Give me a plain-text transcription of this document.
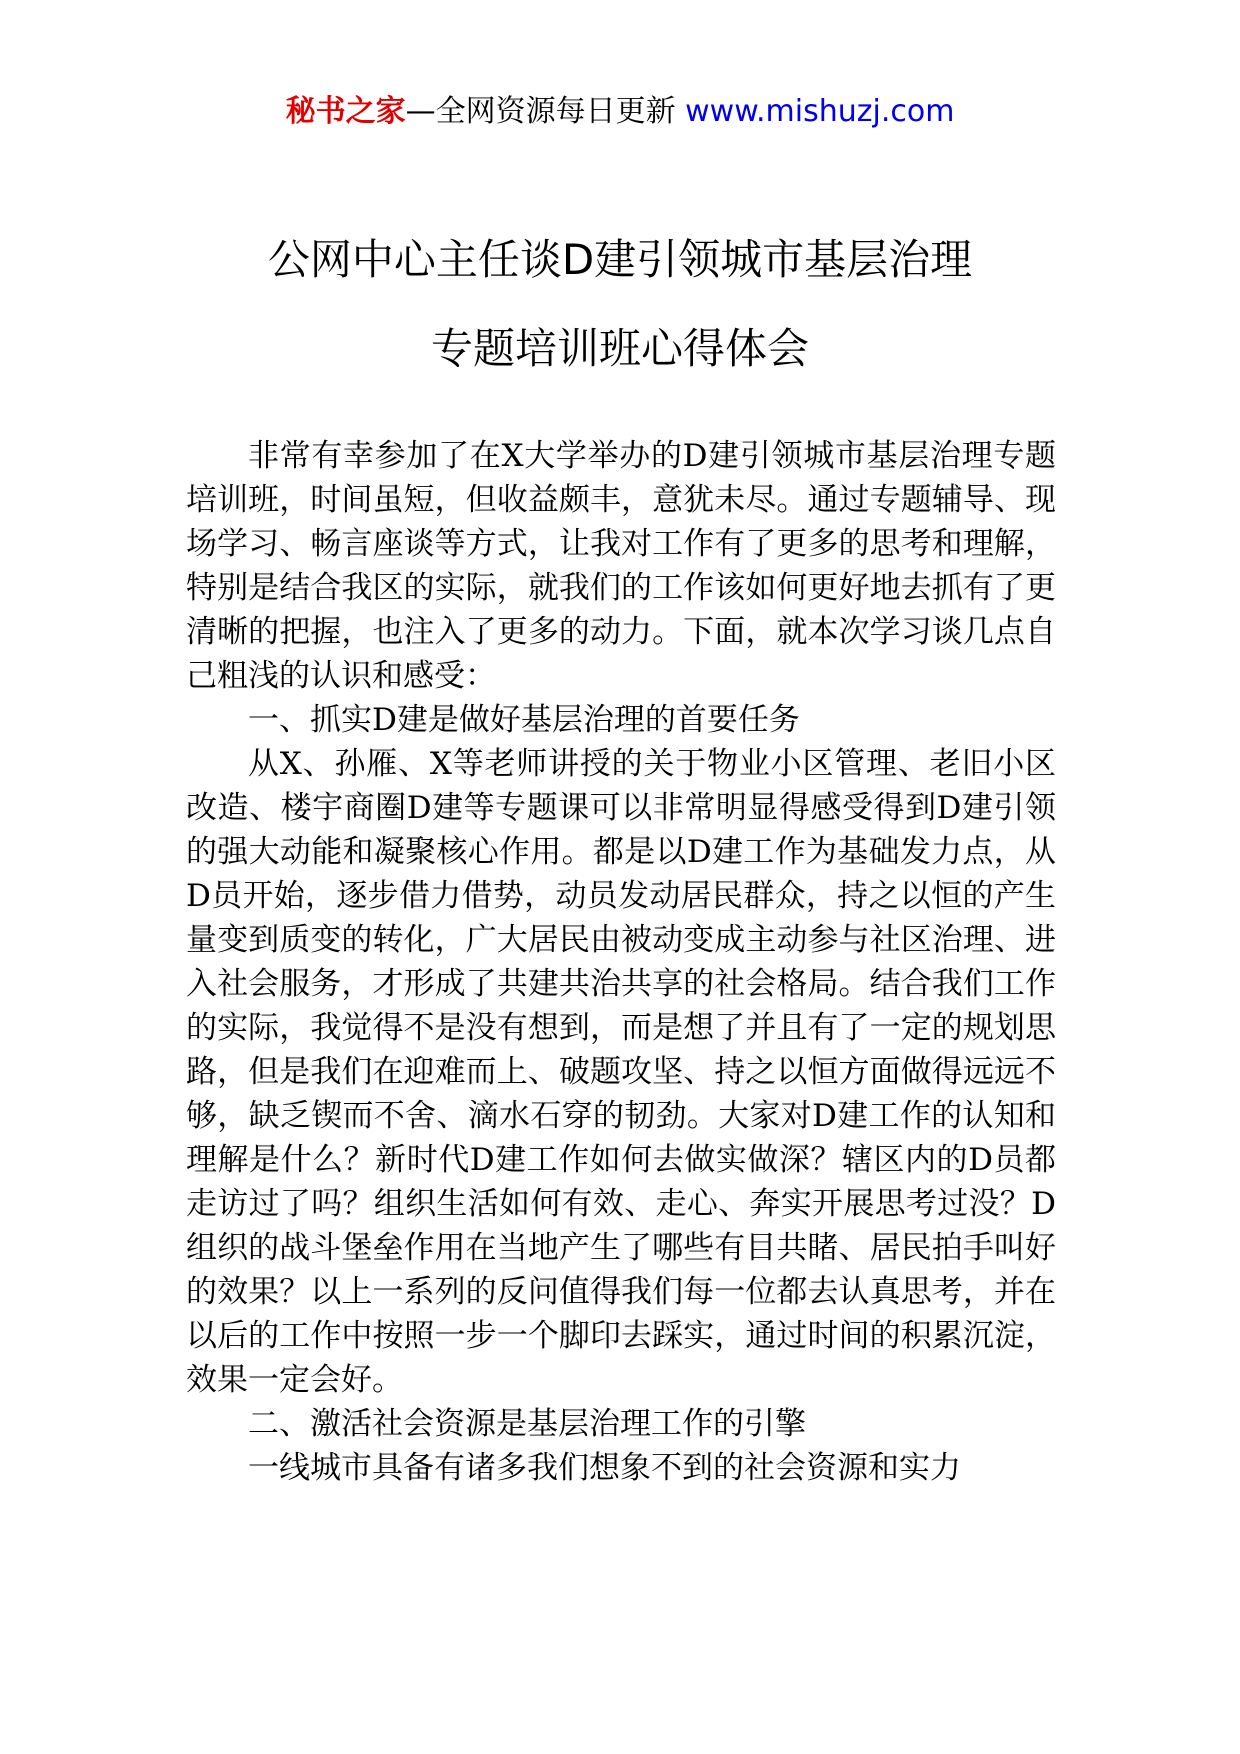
秘书之家—全网资源每日更新 www.mishuzj.com
公网中心主任谈D建引领城市基层治理
专题培训班心得体会

非常有幸参加了在X大学举办的D建引领城市基层治理专题培训班，时间虽短，但收益颇丰，意犹未尽。通过专题辅导、现场学习、畅言座谈等方式，让我对工作有了更多的思考和理解，特别是结合我区的实际，就我们的工作该如何更好地去抓有了更清晰的把握，也注入了更多的动力。下面，就本次学习谈几点自己粗浅的认识和感受：

一、抓实D建是做好基层治理的首要任务

从X、孙雁、X等老师讲授的关于物业小区管理、老旧小区改造、楼宇商圈D建等专题课可以非常明显得感受得到D建引领的强大动能和凝聚核心作用。都是以D建工作为基础发力点，从D员开始，逐步借力借势，动员发动居民群众，持之以恒的产生量变到质变的转化，广大居民由被动变成主动参与社区治理、进入社会服务，才形成了共建共治共享的社会格局。结合我们工作的实际，我觉得不是没有想到，而是想了并且有了一定的规划思路，但是我们在迎难而上、破题攻坚、持之以恒方面做得远远不够，缺乏锲而不舍、滴水石穿的韧劲。大家对D建工作的认知和理解是什么？新时代D建工作如何去做实做深？辖区内的D员都走访过了吗？组织生活如何有效、走心、奔实开展思考过没？D组织的战斗堡垒作用在当地产生了哪些有目共睹、居民拍手叫好的效果？以上一系列的反问值得我们每一位都去认真思考，并在以后的工作中按照一步一个脚印去踩实，通过时间的积累沉淀，效果一定会好。

二、激活社会资源是基层治理工作的引擎

一线城市具备有诸多我们想象不到的社会资源和实力
